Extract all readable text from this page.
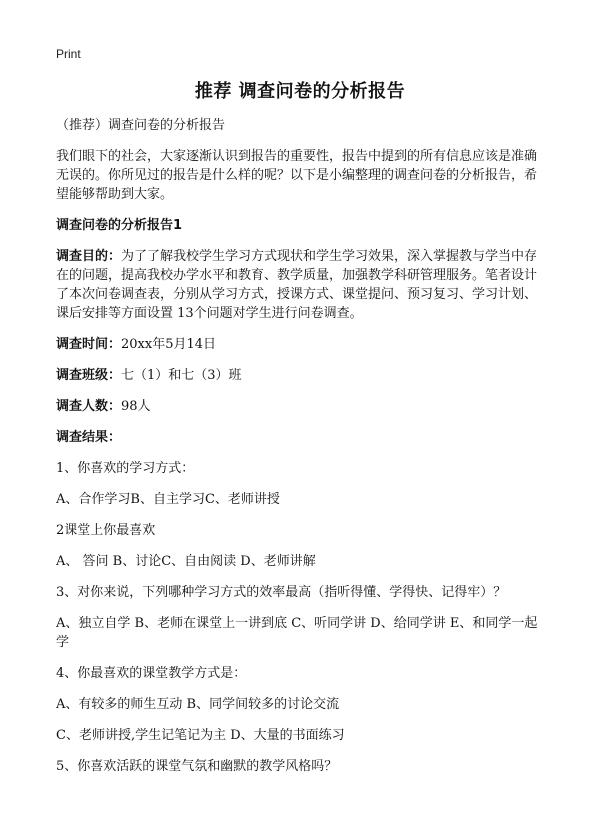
Print
推荐 调查问卷的分析报告
（推荐）调查问卷的分析报告
我们眼下的社会，大家逐渐认识到报告的重要性，报告中提到的所有信息应该是准确无误的。你所见过的报告是什么样的呢？以下是小编整理的调查问卷的分析报告，希望能够帮助到大家。
调查问卷的分析报告1
调查目的：为了了解我校学生学习方式现状和学生学习效果，深入掌握教与学当中存在的问题，提高我校办学水平和教育、教学质量，加强教学科研管理服务。笔者设计了本次问卷调查表，分别从学习方式，授课方式、课堂提问、预习复习、学习计划、课后安排等方面设置 13个问题对学生进行问卷调查。
调查时间：20xx年5月14日
调查班级：七（1）和七（3）班
调查人数：98人
调查结果：
1、你喜欢的学习方式：
A、合作学习B、自主学习C、老师讲授
2课堂上你最喜欢
A、 答问 B、讨论C、自由阅读 D、老师讲解
3、对你来说，下列哪种学习方式的效率最高（指听得懂、学得快、记得牢）？
A、独立自学 B、老师在课堂上一讲到底 C、听同学讲 D、给同学讲 E、和同学一起学
4、你最喜欢的课堂教学方式是：
A、有较多的师生互动 B、同学间较多的讨论交流
C、老师讲授,学生记笔记为主 D、大量的书面练习
5、你喜欢活跃的课堂气氛和幽默的教学风格吗？
